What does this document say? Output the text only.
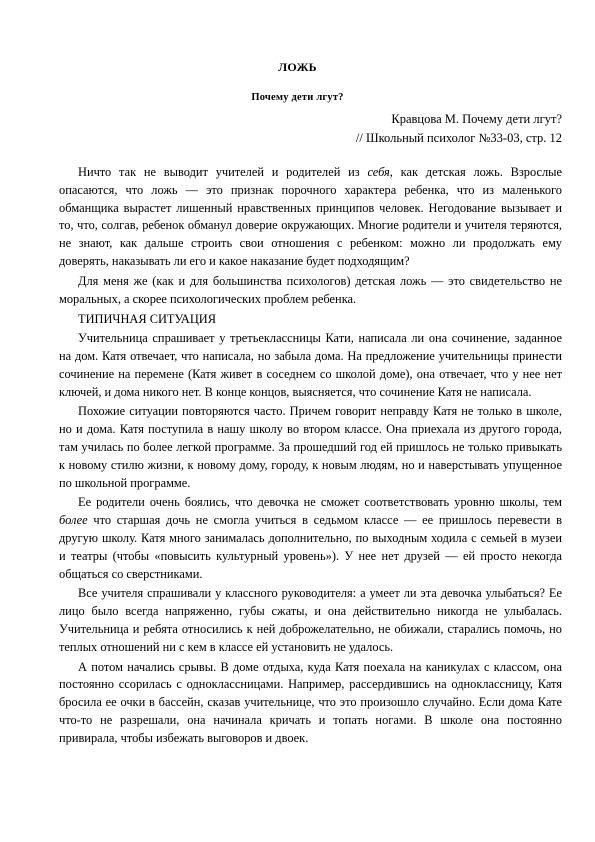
ЛОЖЬ
Почему дети лгут?
Кравцова М. Почему дети лгут?
// Школьный психолог №33-03, стр. 12

Ничто так не выводит учителей и родителей из себя, как детская ложь. Взрослые опасаются, что ложь — это признак порочного характера ребенка, что из маленького обманщика вырастет лишенный нравственных принципов человек. Негодование вызывает и то, что, солгав, ребенок обманул доверие окружающих. Многие родители и учителя теряются, не знают, как дальше строить свои отношения с ребенком: можно ли продолжать ему доверять, наказывать ли его и какое наказание будет подходящим?

Для меня же (как и для большинства психологов) детская ложь — это свидетельство не моральных, а скорее психологических проблем ребенка.

ТИПИЧНАЯ СИТУАЦИЯ

Учительница спрашивает у третьеклассницы Кати, написала ли она сочинение, заданное на дом. Катя отвечает, что написала, но забыла дома. На предложение учительницы принести сочинение на перемене (Катя живет в соседнем со школой доме), она отвечает, что у нее нет ключей, и дома никого нет. В конце концов, выясняется, что сочинение Катя не написала.

Похожие ситуации повторяются часто. Причем говорит неправду Катя не только в школе, но и дома. Катя поступила в нашу школу во втором классе. Она приехала из другого города, там училась по более легкой программе. За прошедший год ей пришлось не только привыкать к новому стилю жизни, к новому дому, городу, к новым людям, но и наверстывать упущенное по школьной программе.

Ее родители очень боялись, что девочка не сможет соответствовать уровню школы, тем более что старшая дочь не смогла учиться в седьмом классе — ее пришлось перевести в другую школу. Катя много занималась дополнительно, по выходным ходила с семьей в музеи и театры (чтобы «повысить культурный уровень»). У нее нет друзей — ей просто некогда общаться со сверстниками.

Все учителя спрашивали у классного руководителя: а умеет ли эта девочка улыбаться? Ее лицо было всегда напряженно, губы сжаты, и она действительно никогда не улыбалась. Учительница и ребята относились к ней доброжелательно, не обижали, старались помочь, но теплых отношений ни с кем в классе ей установить не удалось.

А потом начались срывы. В доме отдыха, куда Катя поехала на каникулах с классом, она постоянно ссорилась с одноклассницами. Например, рассердившись на одноклассницу, Катя бросила ее очки в бассейн, сказав учительнице, что это произошло случайно. Если дома Кате что-то не разрешали, она начинала кричать и топать ногами. В школе она постоянно привирала, чтобы избежать выговоров и двоек.
